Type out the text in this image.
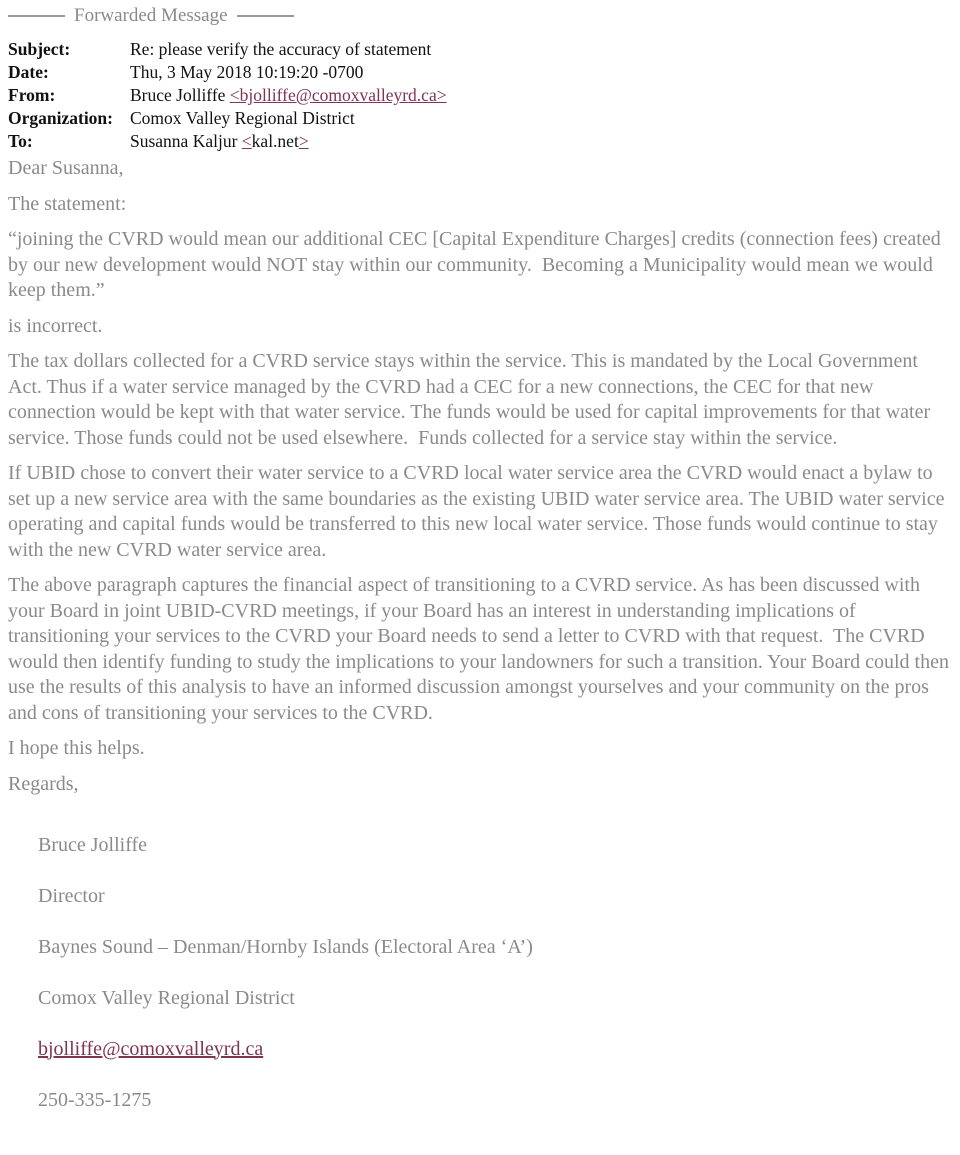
Forwarded Message
Subject:	Re: please verify the accuracy of statement
Date:	Thu, 3 May 2018 10:19:20 -0700
From:	Bruce Jolliffe <bjolliffe@comoxvalleyrd.ca>
Organization:	Comox Valley Regional District
To:	Susanna Kaljur <kal.net>

Dear Susanna,

The statement:

“joining the CVRD would mean our additional CEC [Capital Expenditure Charges] credits (connection fees) created by our new development would NOT stay within our community.  Becoming a Municipality would mean we would keep them.”

is incorrect.

The tax dollars collected for a CVRD service stays within the service. This is mandated by the Local Government Act. Thus if a water service managed by the CVRD had a CEC for a new connections, the CEC for that new connection would be kept with that water service. The funds would be used for capital improvements for that water service. Those funds could not be used elsewhere.  Funds collected for a service stay within the service.

If UBID chose to convert their water service to a CVRD local water service area the CVRD would enact a bylaw to set up a new service area with the same boundaries as the existing UBID water service area. The UBID water service operating and capital funds would be transferred to this new local water service. Those funds would continue to stay with the new CVRD water service area.

The above paragraph captures the financial aspect of transitioning to a CVRD service. As has been discussed with your Board in joint UBID-CVRD meetings, if your Board has an interest in understanding implications of transitioning your services to the CVRD your Board needs to send a letter to CVRD with that request.  The CVRD would then identify funding to study the implications to your landowners for such a transition. Your Board could then use the results of this analysis to have an informed discussion amongst yourselves and your community on the pros and cons of transitioning your services to the CVRD.

I hope this helps.

Regards,

Bruce Jolliffe

Director

Baynes Sound – Denman/Hornby Islands (Electoral Area ‘A’)

Comox Valley Regional District

bjolliffe@comoxvalleyrd.ca

250-335-1275
